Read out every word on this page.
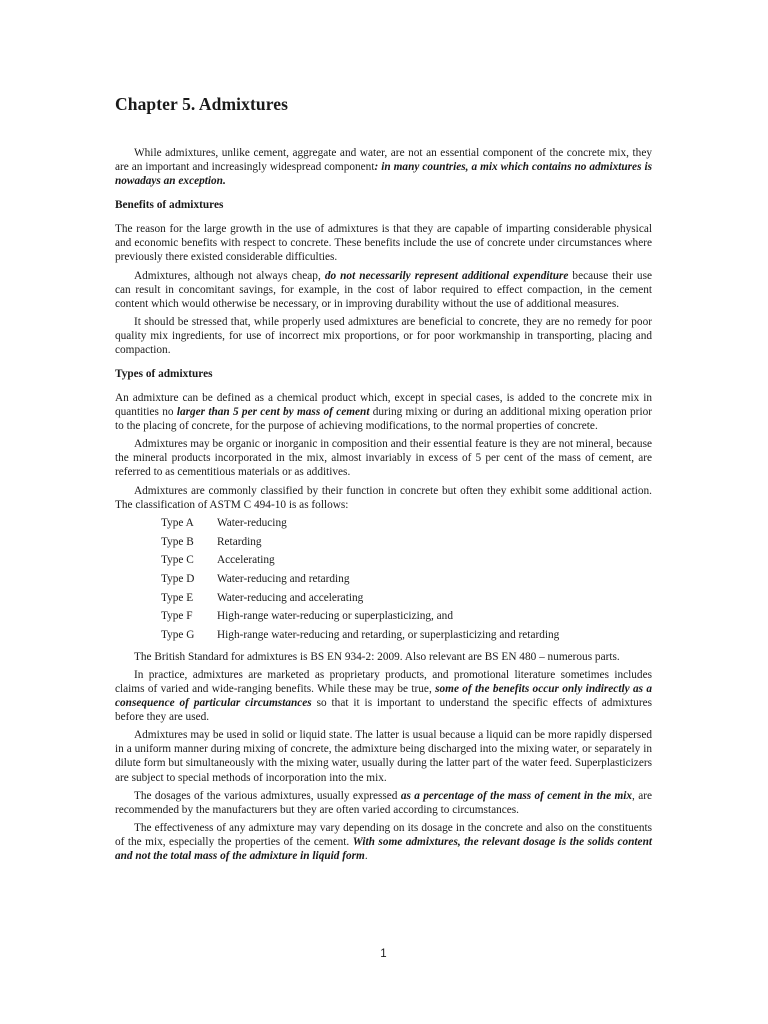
Chapter 5. Admixtures

While admixtures, unlike cement, aggregate and water, are not an essential component of the concrete mix, they are an important and increasingly widespread component: in many countries, a mix which contains no admixtures is nowadays an exception.

Benefits of admixtures

The reason for the large growth in the use of admixtures is that they are capable of imparting considerable physical and economic benefits with respect to concrete. These benefits include the use of concrete under circumstances where previously there existed considerable difficulties.

Admixtures, although not always cheap, do not necessarily represent additional expenditure because their use can result in concomitant savings, for example, in the cost of labor required to effect compaction, in the cement content which would otherwise be necessary, or in improving durability without the use of additional measures.

It should be stressed that, while properly used admixtures are beneficial to concrete, they are no remedy for poor quality mix ingredients, for use of incorrect mix proportions, or for poor workmanship in transporting, placing and compaction.

Types of admixtures

An admixture can be defined as a chemical product which, except in special cases, is added to the concrete mix in quantities no larger than 5 per cent by mass of cement during mixing or during an additional mixing operation prior to the placing of concrete, for the purpose of achieving modifications, to the normal properties of concrete.

Admixtures may be organic or inorganic in composition and their essential feature is they are not mineral, because the mineral products incorporated in the mix, almost invariably in excess of 5 per cent of the mass of cement, are referred to as cementitious materials or as additives.

Admixtures are commonly classified by their function in concrete but often they exhibit some additional action. The classification of ASTM C 494-10 is as follows:

Type A	Water-reducing
Type B	Retarding
Type C	Accelerating
Type D	Water-reducing and retarding
Type E	Water-reducing and accelerating
Type F	High-range water-reducing or superplasticizing, and
Type G	High-range water-reducing and retarding, or superplasticizing and retarding

The British Standard for admixtures is BS EN 934-2: 2009. Also relevant are BS EN 480 – numerous parts.

In practice, admixtures are marketed as proprietary products, and promotional literature sometimes includes claims of varied and wide-ranging benefits. While these may be true, some of the benefits occur only indirectly as a consequence of particular circumstances so that it is important to understand the specific effects of admixtures before they are used.

Admixtures may be used in solid or liquid state. The latter is usual because a liquid can be more rapidly dispersed in a uniform manner during mixing of concrete, the admixture being discharged into the mixing water, or separately in dilute form but simultaneously with the mixing water, usually during the latter part of the water feed. Superplasticizers are subject to special methods of incorporation into the mix.

The dosages of the various admixtures, usually expressed as a percentage of the mass of cement in the mix, are recommended by the manufacturers but they are often varied according to circumstances.

The effectiveness of any admixture may vary depending on its dosage in the concrete and also on the constituents of the mix, especially the properties of the cement. With some admixtures, the relevant dosage is the solids content and not the total mass of the admixture in liquid form.

1
